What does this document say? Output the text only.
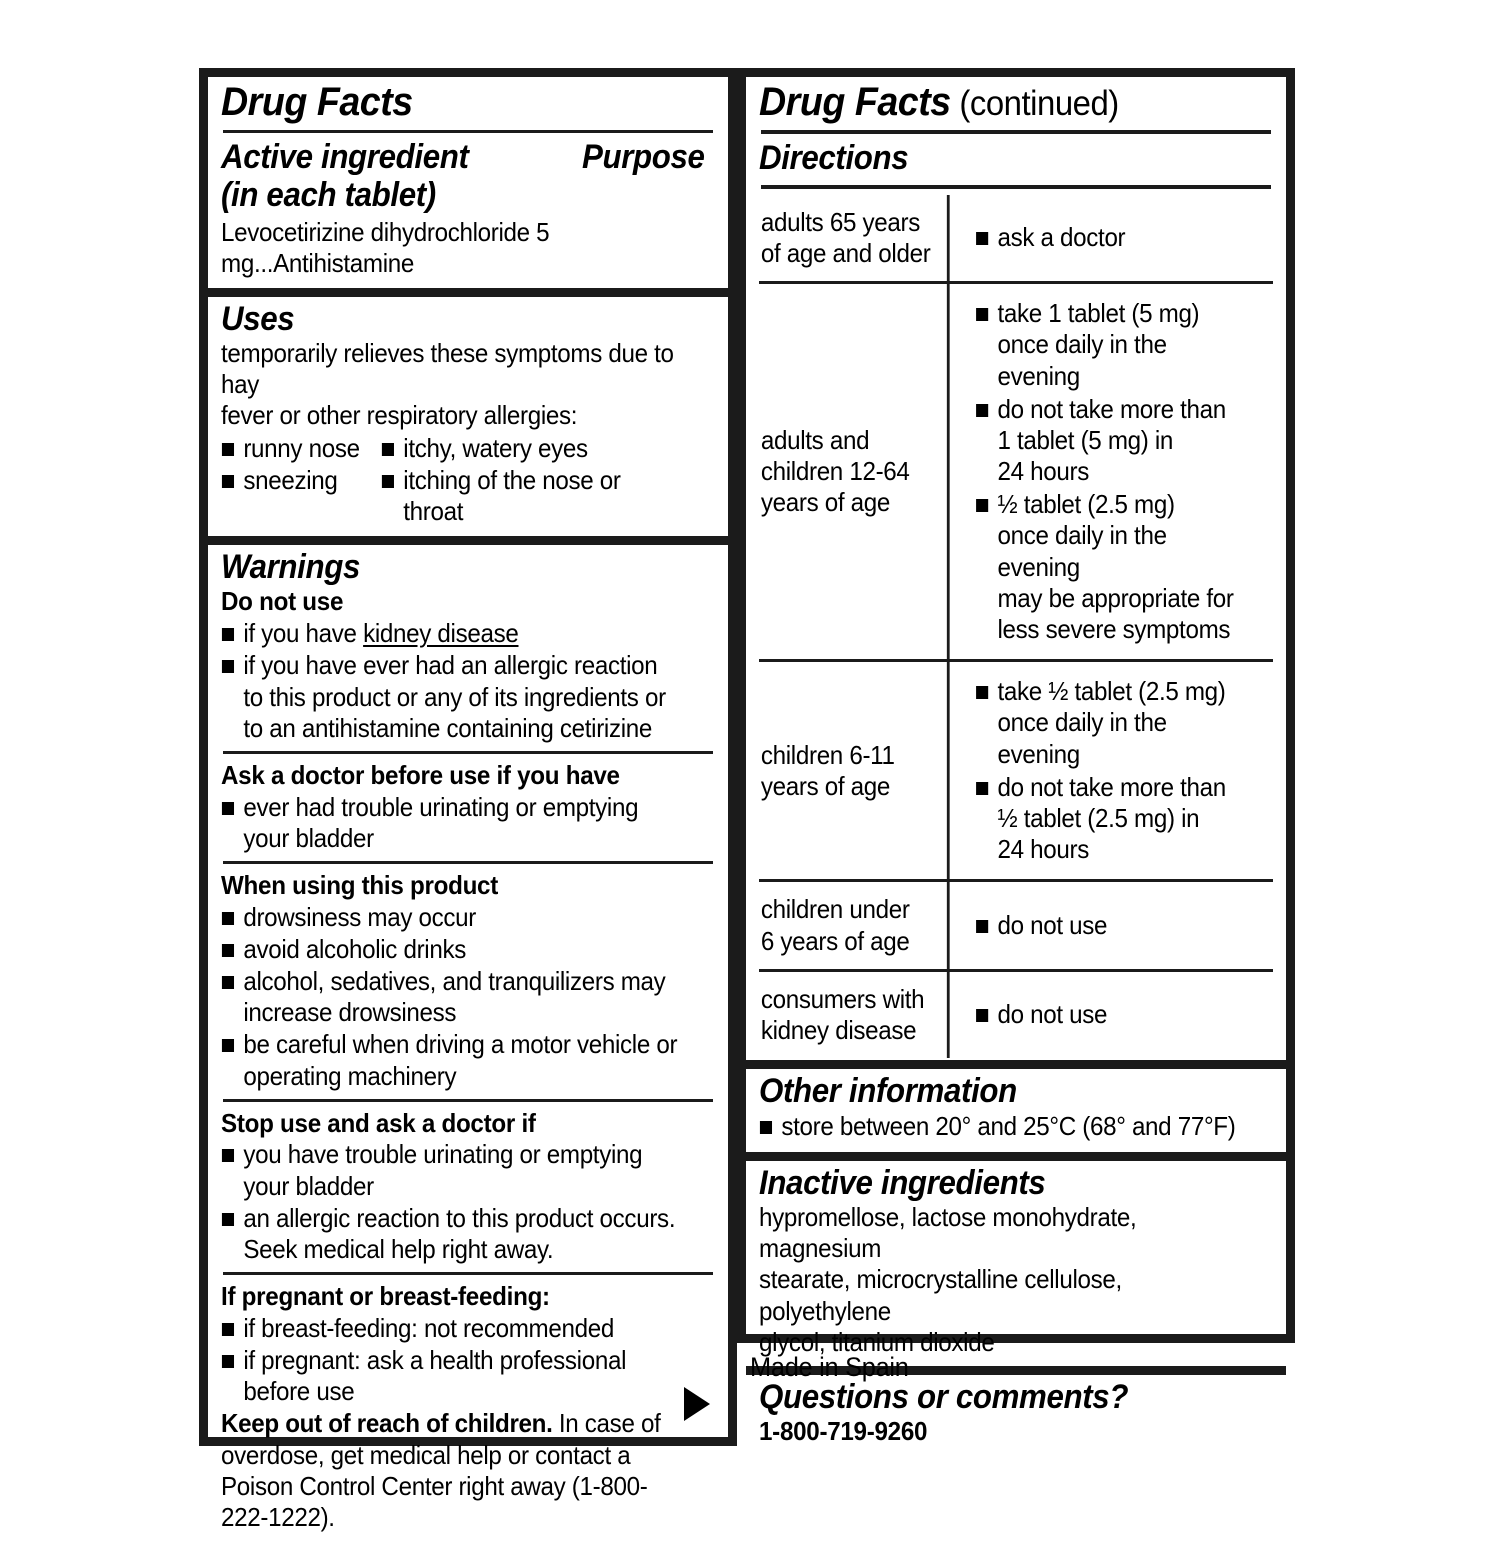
Drug Facts
Active ingredient
(in each tablet)
Purpose
Levocetirizine dihydrochloride 5 mg...Antihistamine
Uses
temporarily relieves these symptoms due to hay
fever or other respiratory allergies:
runny nose
sneezing
itchy, watery eyes
itching of the nose or throat
Warnings
Do not use
if you have kidney disease
if you have ever had an allergic reaction to this product or any of its ingredients or to an antihistamine containing cetirizine
Ask a doctor before use if you have
ever had trouble urinating or emptying your bladder
When using this product
drowsiness may occur
avoid alcoholic drinks
alcohol, sedatives, and tranquilizers may increase drowsiness
be careful when driving a motor vehicle or operating machinery
Stop use and ask a doctor if
you have trouble urinating or emptying your bladder
an allergic reaction to this product occurs. Seek medical help right away.
If pregnant or breast-feeding:
if breast-feeding: not recommended
if pregnant: ask a health professional before use
Keep out of reach of children. In case of overdose, get medical help or contact a Poison Control Center right away (1-800-222-1222).
Drug Facts (continued)
Directions
adults 65 years
of age and older
ask a doctor
adults and
children 12-64
years of age
take 1 tablet (5 mg)
once daily in the evening
do not take more than
1 tablet (5 mg) in
24 hours
½ tablet (2.5 mg)
once daily in the evening
may be appropriate for
less severe symptoms
children 6-11
years of age
take ½ tablet (2.5 mg)
once daily in the evening
do not take more than
½ tablet (2.5 mg) in
24 hours
children under
6 years of age
do not use
consumers with
kidney disease
do not use
Other information
store between 20° and 25°C (68° and 77°F)
Inactive ingredients
hypromellose, lactose monohydrate, magnesium
stearate, microcrystalline cellulose, polyethylene
glycol, titanium dioxide
Questions or comments?
1-800-719-9260
Made in Spain
